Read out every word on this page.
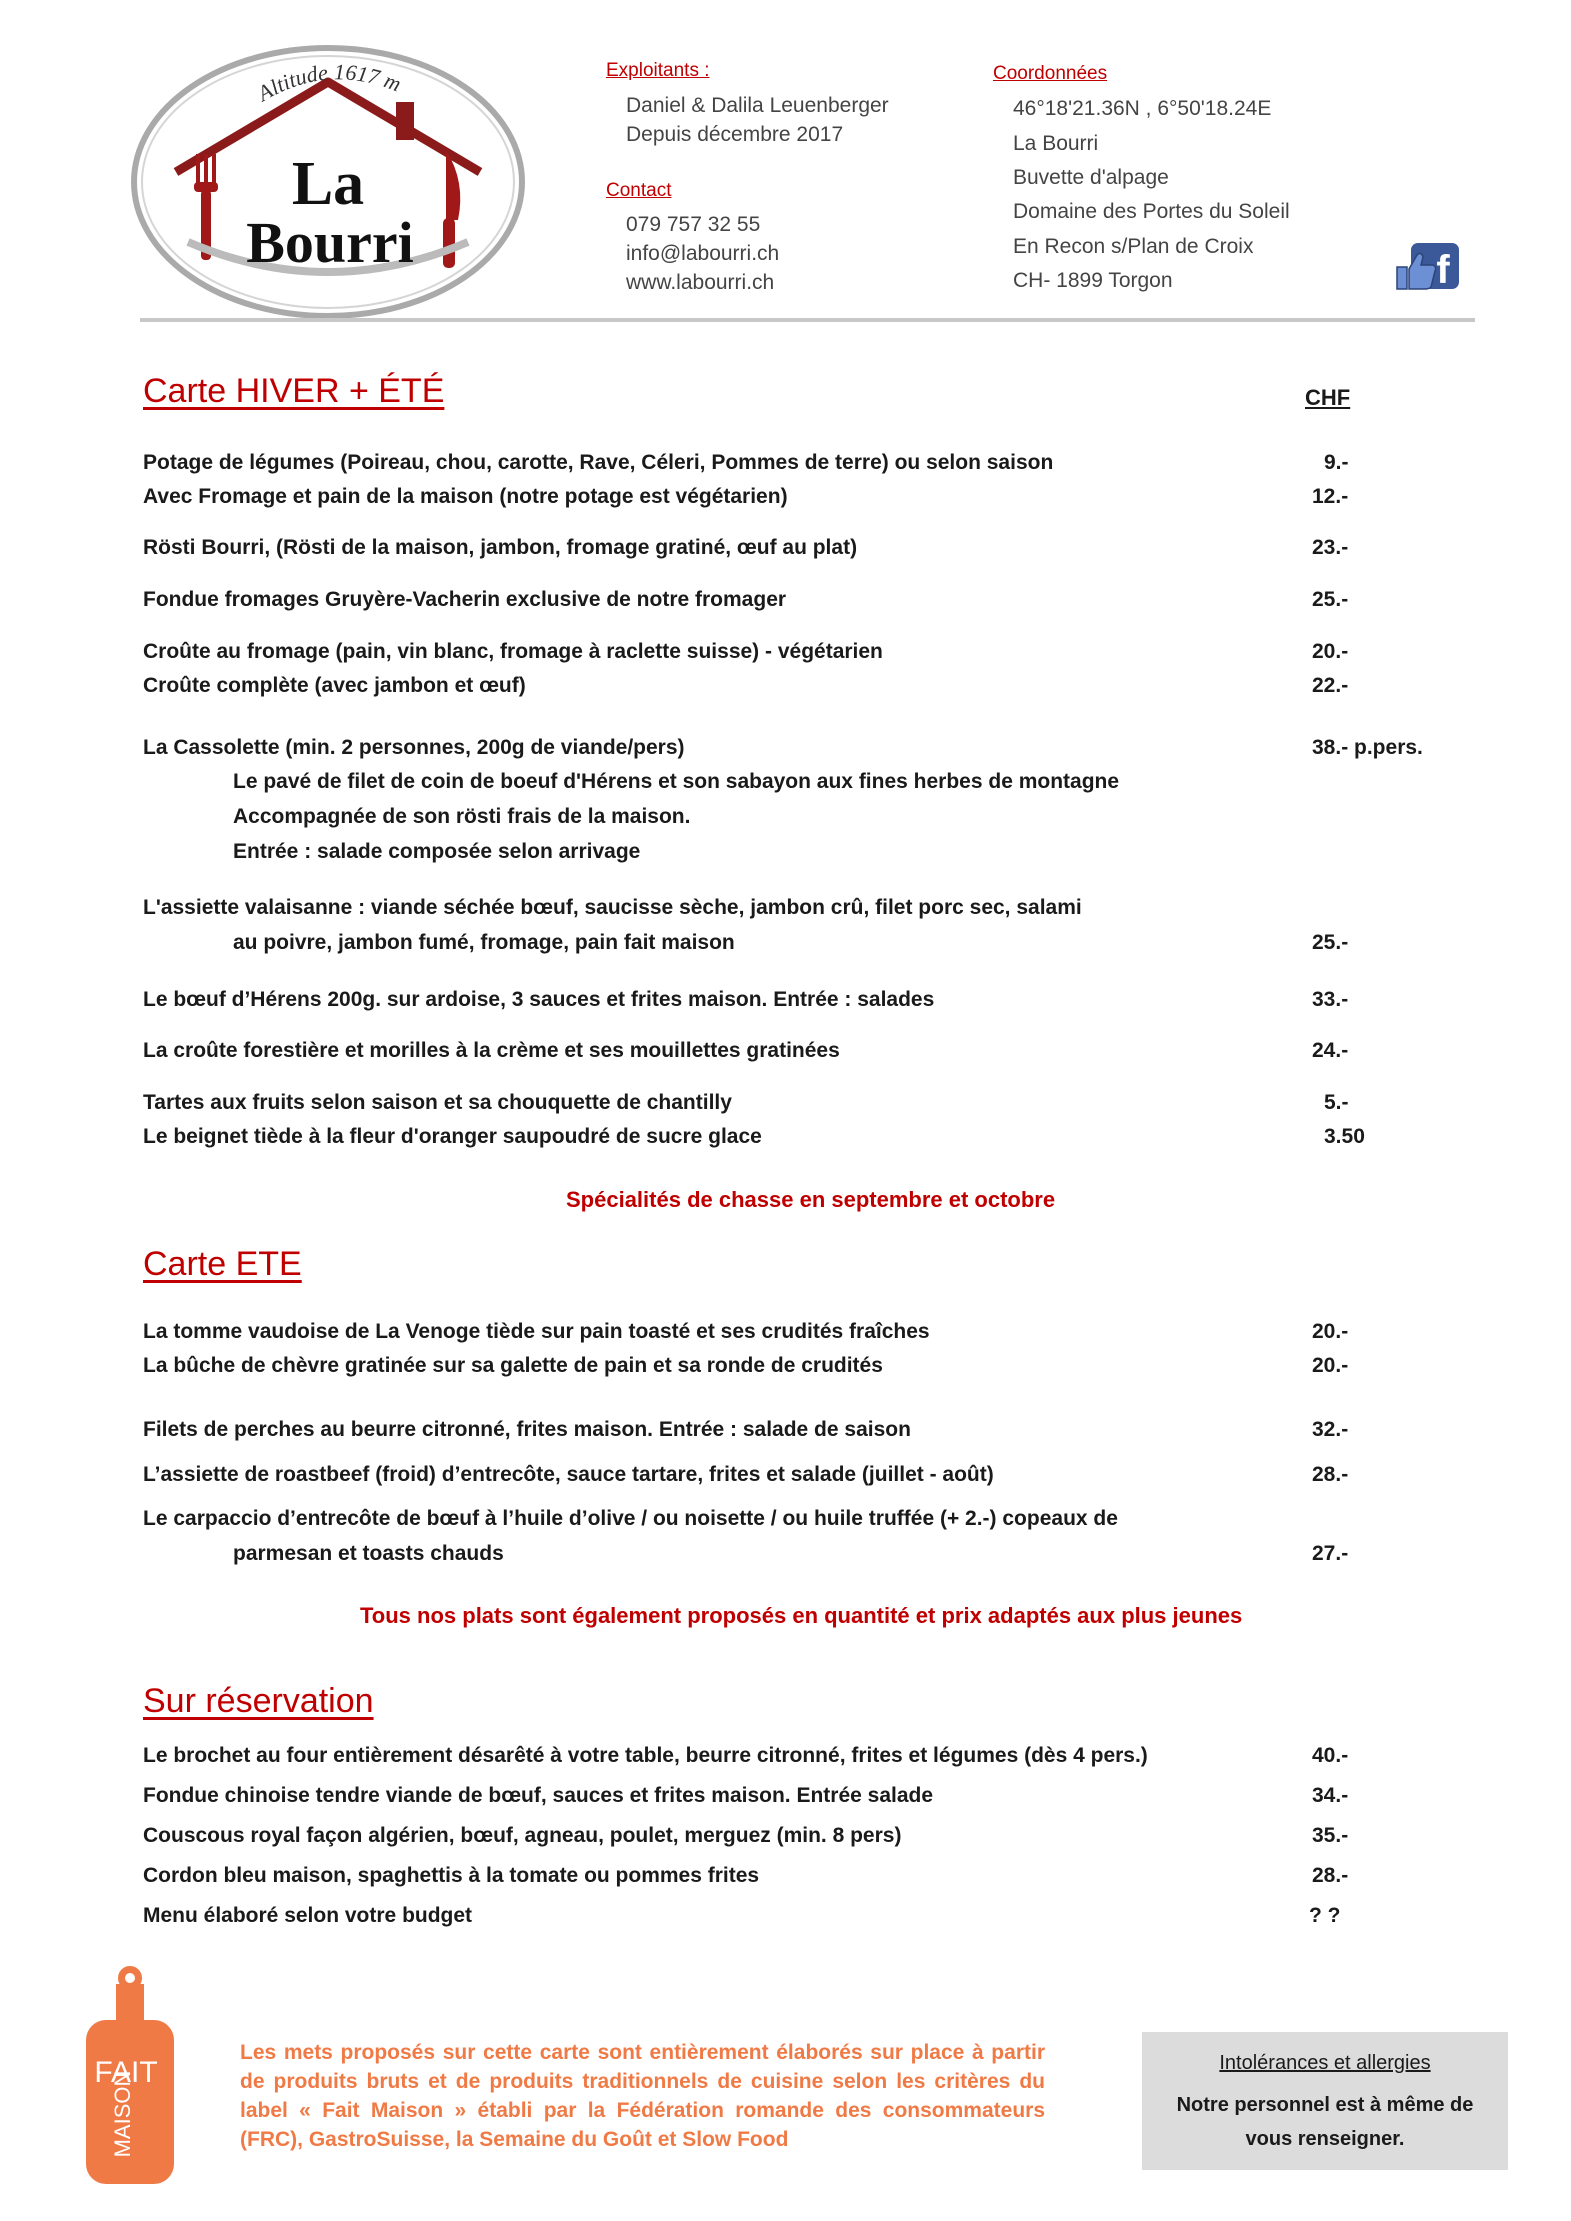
Altitude 1617 m
La
Bourri
Exploitants :
Daniel & Dalila Leuenberger
Depuis décembre 2017
Contact
079 757 32 55
info@labourri.ch
www.labourri.ch
Coordonnées
46°18'21.36N , 6°50'18.24E
La Bourri
Buvette d'alpage
Domaine des Portes du Soleil
En Recon s/Plan de Croix
CH- 1899 Torgon	f
Carte HIVER + ÉTÉ	CHF
Potage de légumes (Poireau, chou, carotte, Rave, Céleri, Pommes de terre) ou selon saison	9.-
Avec Fromage et pain de la maison (notre potage est végétarien)	12.-
Rösti Bourri, (Rösti de la maison, jambon, fromage gratiné, œuf au plat)	23.-
Fondue fromages Gruyère-Vacherin exclusive de notre fromager	25.-
Croûte au fromage (pain, vin blanc, fromage à raclette suisse) - végétarien	20.-
Croûte complète (avec jambon et œuf)	22.-
La Cassolette (min. 2 personnes, 200g de viande/pers)	38.- p.pers.
Le pavé de filet de coin de boeuf d'Hérens et son sabayon aux fines herbes de montagne
Accompagnée de son rösti frais de la maison.
Entrée : salade composée selon arrivage
L'assiette valaisanne : viande séchée bœuf, saucisse sèche, jambon crû, filet porc sec, salami
au poivre, jambon fumé, fromage, pain fait maison	25.-
Le bœuf d’Hérens 200g. sur ardoise, 3 sauces et frites maison. Entrée : salades	33.-
La croûte forestière et morilles à la crème et ses mouillettes gratinées	24.-
Tartes aux fruits selon saison et sa chouquette de chantilly	5.-
Le beignet tiède à la fleur d'oranger saupoudré de sucre glace	3.50
Spécialités de chasse en septembre et octobre
Carte ETE
La tomme vaudoise de La Venoge tiède sur pain toasté et ses crudités fraîches	20.-
La bûche de chèvre gratinée sur sa galette de pain et sa ronde de crudités	20.-
Filets de perches au beurre citronné, frites maison. Entrée : salade de saison	32.-
L’assiette de roastbeef (froid) d’entrecôte, sauce tartare, frites et salade (juillet - août)	28.-
Le carpaccio d’entrecôte de bœuf à l’huile d’olive / ou noisette / ou huile truffée (+ 2.-) copeaux de
parmesan et toasts chauds	27.-
Tous nos plats sont également proposés en quantité et prix adaptés aux plus jeunes
Sur réservation
Le brochet au four entièrement désarêté à votre table, beurre citronné, frites et légumes (dès 4 pers.)	40.-
Fondue chinoise tendre viande de bœuf, sauces et frites maison. Entrée salade	34.-
Couscous royal façon algérien, bœuf, agneau, poulet, merguez (min. 8 pers)	35.-
Cordon bleu maison, spaghettis à la tomate ou pommes frites	28.-
Menu élaboré selon votre budget	? ?
FAIT
MAISON
Les mets proposés sur cette carte sont entièrement élaborés sur place à partir de produits bruts et de produits traditionnels de cuisine selon les critères du label « Fait Maison » établi par la Fédération romande des consommateurs (FRC), GastroSuisse, la Semaine du Goût et Slow Food
Intolérances et allergies
Notre personnel est à même de
vous renseigner.
